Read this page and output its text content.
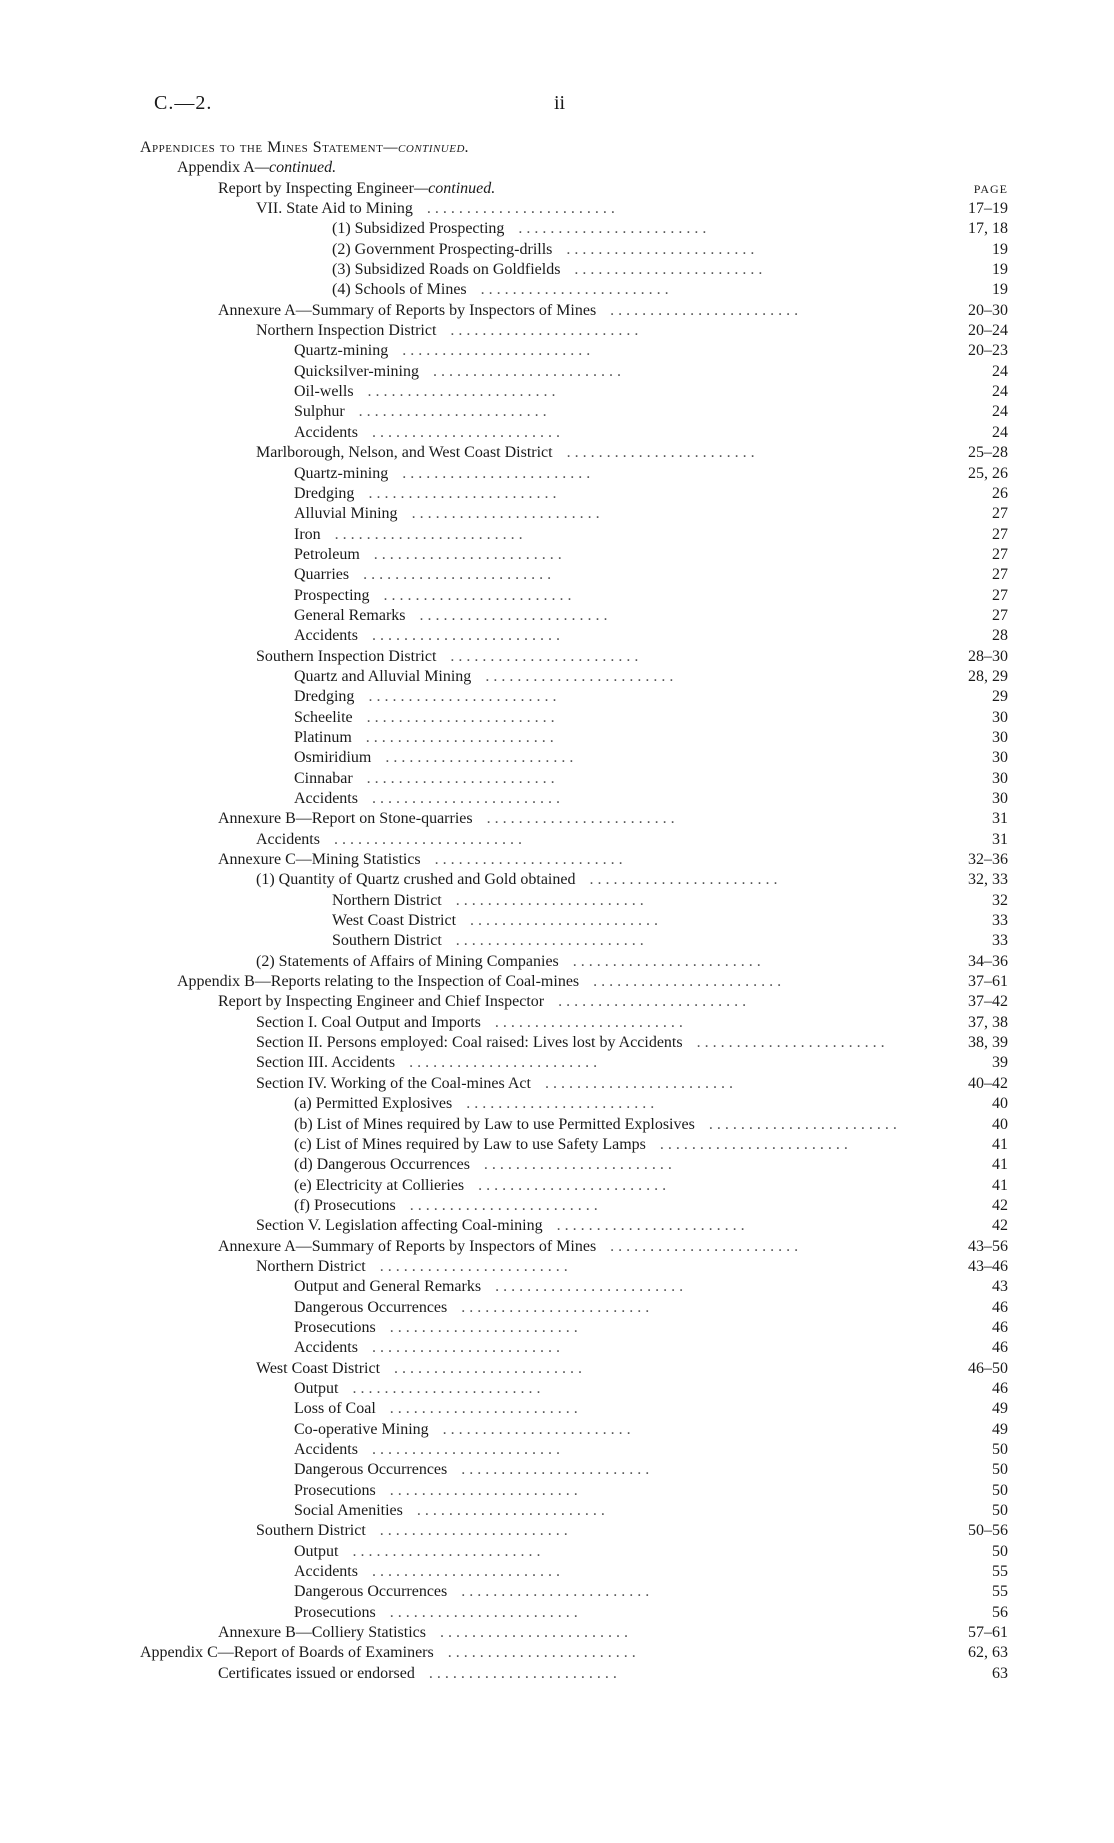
C.—2.	ii
Appendices to the Mines Statement—continued.
Appendix A—continued.
Report by Inspecting Engineer—continued.	PAGE
VII. State Aid to Mining	17–19
. . . . . . . . . . . . . . . . . . . . . . . .
(1) Subsidized Prospecting	17, 18
. . . . . . . . . . . . . . . . . . . . . . . .
(2) Government Prospecting-drills	19
. . . . . . . . . . . . . . . . . . . . . . . .
(3) Subsidized Roads on Goldfields	19
. . . . . . . . . . . . . . . . . . . . . . . .
(4) Schools of Mines	19
. . . . . . . . . . . . . . . . . . . . . . . .
Annexure A—Summary of Reports by Inspectors of Mines	20–30
. . . . . . . . . . . . . . . . . . . . . . . .
Northern Inspection District	20–24
. . . . . . . . . . . . . . . . . . . . . . . .
Quartz-mining	20–23
. . . . . . . . . . . . . . . . . . . . . . . .
Quicksilver-mining	24
. . . . . . . . . . . . . . . . . . . . . . . .
Oil-wells	24
. . . . . . . . . . . . . . . . . . . . . . . .
Sulphur	24
. . . . . . . . . . . . . . . . . . . . . . . .
Accidents	24
. . . . . . . . . . . . . . . . . . . . . . . .
Marlborough, Nelson, and West Coast District	25–28
. . . . . . . . . . . . . . . . . . . . . . . .
Quartz-mining	25, 26
. . . . . . . . . . . . . . . . . . . . . . . .
Dredging	26
. . . . . . . . . . . . . . . . . . . . . . . .
Alluvial Mining	27
. . . . . . . . . . . . . . . . . . . . . . . .
Iron	27
. . . . . . . . . . . . . . . . . . . . . . . .
Petroleum	27
. . . . . . . . . . . . . . . . . . . . . . . .
Quarries	27
. . . . . . . . . . . . . . . . . . . . . . . .
Prospecting	27
. . . . . . . . . . . . . . . . . . . . . . . .
General Remarks	27
. . . . . . . . . . . . . . . . . . . . . . . .
Accidents	28
. . . . . . . . . . . . . . . . . . . . . . . .
Southern Inspection District	28–30
. . . . . . . . . . . . . . . . . . . . . . . .
Quartz and Alluvial Mining	28, 29
. . . . . . . . . . . . . . . . . . . . . . . .
Dredging	29
. . . . . . . . . . . . . . . . . . . . . . . .
Scheelite	30
. . . . . . . . . . . . . . . . . . . . . . . .
Platinum	30
. . . . . . . . . . . . . . . . . . . . . . . .
Osmiridium	30
. . . . . . . . . . . . . . . . . . . . . . . .
Cinnabar	30
. . . . . . . . . . . . . . . . . . . . . . . .
Accidents	30
. . . . . . . . . . . . . . . . . . . . . . . .
Annexure B—Report on Stone-quarries	31
. . . . . . . . . . . . . . . . . . . . . . . .
Accidents	31
. . . . . . . . . . . . . . . . . . . . . . . .
Annexure C—Mining Statistics	32–36
. . . . . . . . . . . . . . . . . . . . . . . .
(1) Quantity of Quartz crushed and Gold obtained	32, 33
. . . . . . . . . . . . . . . . . . . . . . . .
Northern District	32
. . . . . . . . . . . . . . . . . . . . . . . .
West Coast District	33
. . . . . . . . . . . . . . . . . . . . . . . .
Southern District	33
. . . . . . . . . . . . . . . . . . . . . . . .
(2) Statements of Affairs of Mining Companies	34–36
. . . . . . . . . . . . . . . . . . . . . . . .
Appendix B—Reports relating to the Inspection of Coal-mines	37–61
. . . . . . . . . . . . . . . . . . . . . . . .
Report by Inspecting Engineer and Chief Inspector	37–42
. . . . . . . . . . . . . . . . . . . . . . . .
Section I. Coal Output and Imports	37, 38
. . . . . . . . . . . . . . . . . . . . . . . .
Section II. Persons employed: Coal raised: Lives lost by Accidents	38, 39
. . . . . . . . . . . . . . . . . . . . . . . .
Section III. Accidents	39
. . . . . . . . . . . . . . . . . . . . . . . .
Section IV. Working of the Coal-mines Act	40–42
. . . . . . . . . . . . . . . . . . . . . . . .
(a) Permitted Explosives	40
. . . . . . . . . . . . . . . . . . . . . . . .
(b) List of Mines required by Law to use Permitted Explosives	40
. . . . . . . . . . . . . . . . . . . . . . . .
(c) List of Mines required by Law to use Safety Lamps	41
. . . . . . . . . . . . . . . . . . . . . . . .
(d) Dangerous Occurrences	41
. . . . . . . . . . . . . . . . . . . . . . . .
(e) Electricity at Collieries	41
. . . . . . . . . . . . . . . . . . . . . . . .
(f) Prosecutions	42
. . . . . . . . . . . . . . . . . . . . . . . .
Section V. Legislation affecting Coal-mining	42
. . . . . . . . . . . . . . . . . . . . . . . .
Annexure A—Summary of Reports by Inspectors of Mines	43–56
. . . . . . . . . . . . . . . . . . . . . . . .
Northern District	43–46
. . . . . . . . . . . . . . . . . . . . . . . .
Output and General Remarks	43
. . . . . . . . . . . . . . . . . . . . . . . .
Dangerous Occurrences	46
. . . . . . . . . . . . . . . . . . . . . . . .
Prosecutions	46
. . . . . . . . . . . . . . . . . . . . . . . .
Accidents	46
. . . . . . . . . . . . . . . . . . . . . . . .
West Coast District	46–50
. . . . . . . . . . . . . . . . . . . . . . . .
Output	46
. . . . . . . . . . . . . . . . . . . . . . . .
Loss of Coal	49
. . . . . . . . . . . . . . . . . . . . . . . .
Co-operative Mining	49
. . . . . . . . . . . . . . . . . . . . . . . .
Accidents	50
. . . . . . . . . . . . . . . . . . . . . . . .
Dangerous Occurrences	50
. . . . . . . . . . . . . . . . . . . . . . . .
Prosecutions	50
. . . . . . . . . . . . . . . . . . . . . . . .
Social Amenities	50
. . . . . . . . . . . . . . . . . . . . . . . .
Southern District	50–56
. . . . . . . . . . . . . . . . . . . . . . . .
Output	50
. . . . . . . . . . . . . . . . . . . . . . . .
Accidents	55
. . . . . . . . . . . . . . . . . . . . . . . .
Dangerous Occurrences	55
. . . . . . . . . . . . . . . . . . . . . . . .
Prosecutions	56
. . . . . . . . . . . . . . . . . . . . . . . .
Annexure B—Colliery Statistics	57–61
. . . . . . . . . . . . . . . . . . . . . . . .
Appendix C—Report of Boards of Examiners	62, 63
. . . . . . . . . . . . . . . . . . . . . . . .
Certificates issued or endorsed	63
. . . . . . . . . . . . . . . . . . . . . . . .
